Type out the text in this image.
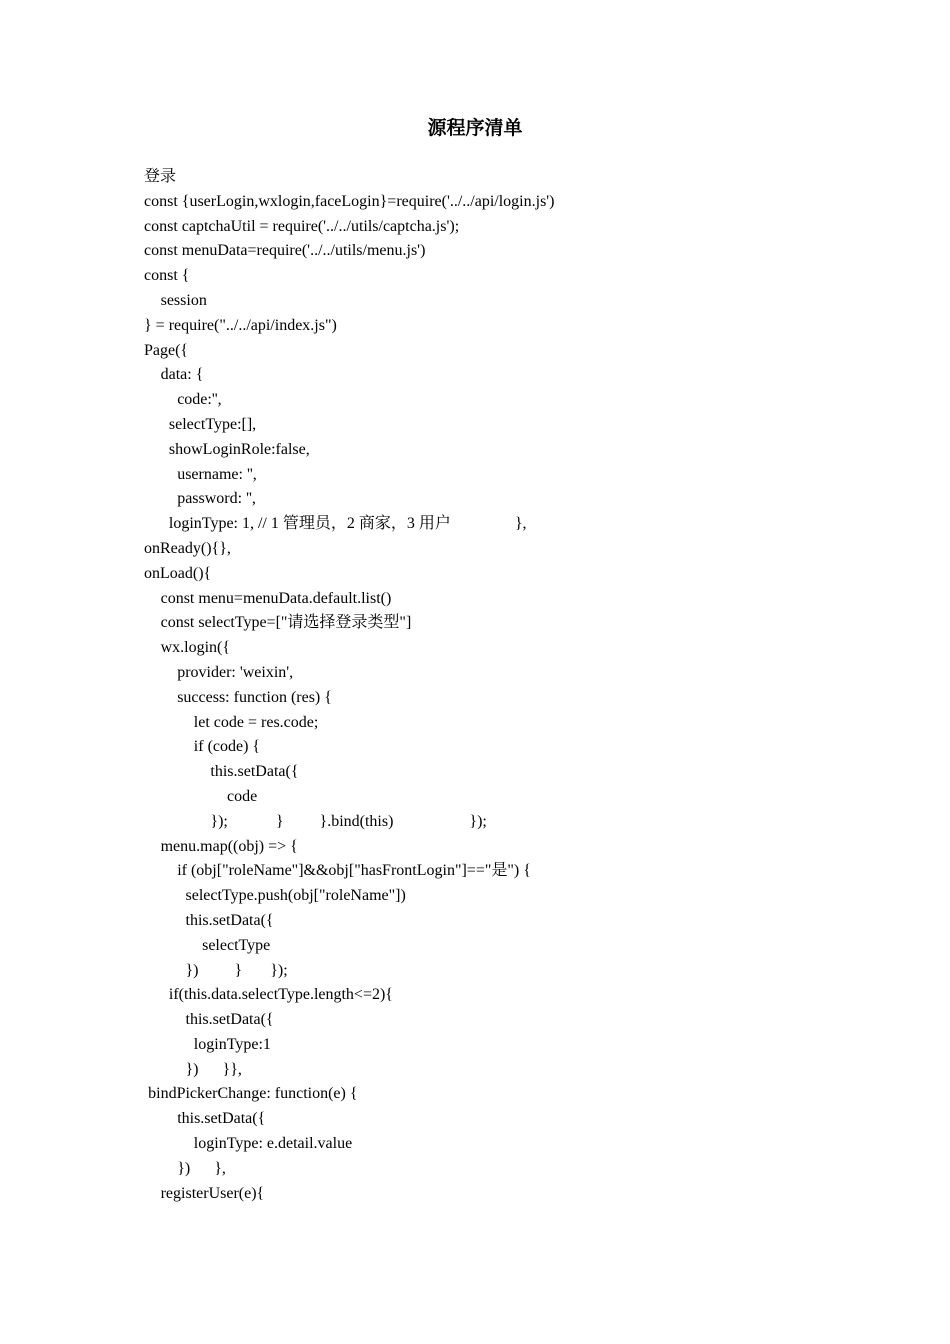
源程序清单
登录
const {userLogin,wxlogin,faceLogin}=require('../../api/login.js')
const captchaUtil = require('../../utils/captcha.js');
const menuData=require('../../utils/menu.js')
const {
session
} = require("../../api/index.js")
Page({
data: {
code:'',
selectType:[],
showLoginRole:false,
username: '',
password: '',
loginType: 1, // 1 管理员，2 商家，3 用户                },
onReady(){},
onLoad(){
const menu=menuData.default.list()
const selectType=["请选择登录类型"]
wx.login({
provider: 'weixin',
success: function (res) {
let code = res.code;
if (code) {
this.setData({
code
});            }         }.bind(this)                   });
menu.map((obj) => {
if (obj["roleName"]&&obj["hasFrontLogin"]=="是") {
selectType.push(obj["roleName"])
this.setData({
selectType
})         }       });
if(this.data.selectType.length<=2){
this.setData({
loginType:1
})      }},
bindPickerChange: function(e) {
this.setData({
loginType: e.detail.value
})      },
registerUser(e){
